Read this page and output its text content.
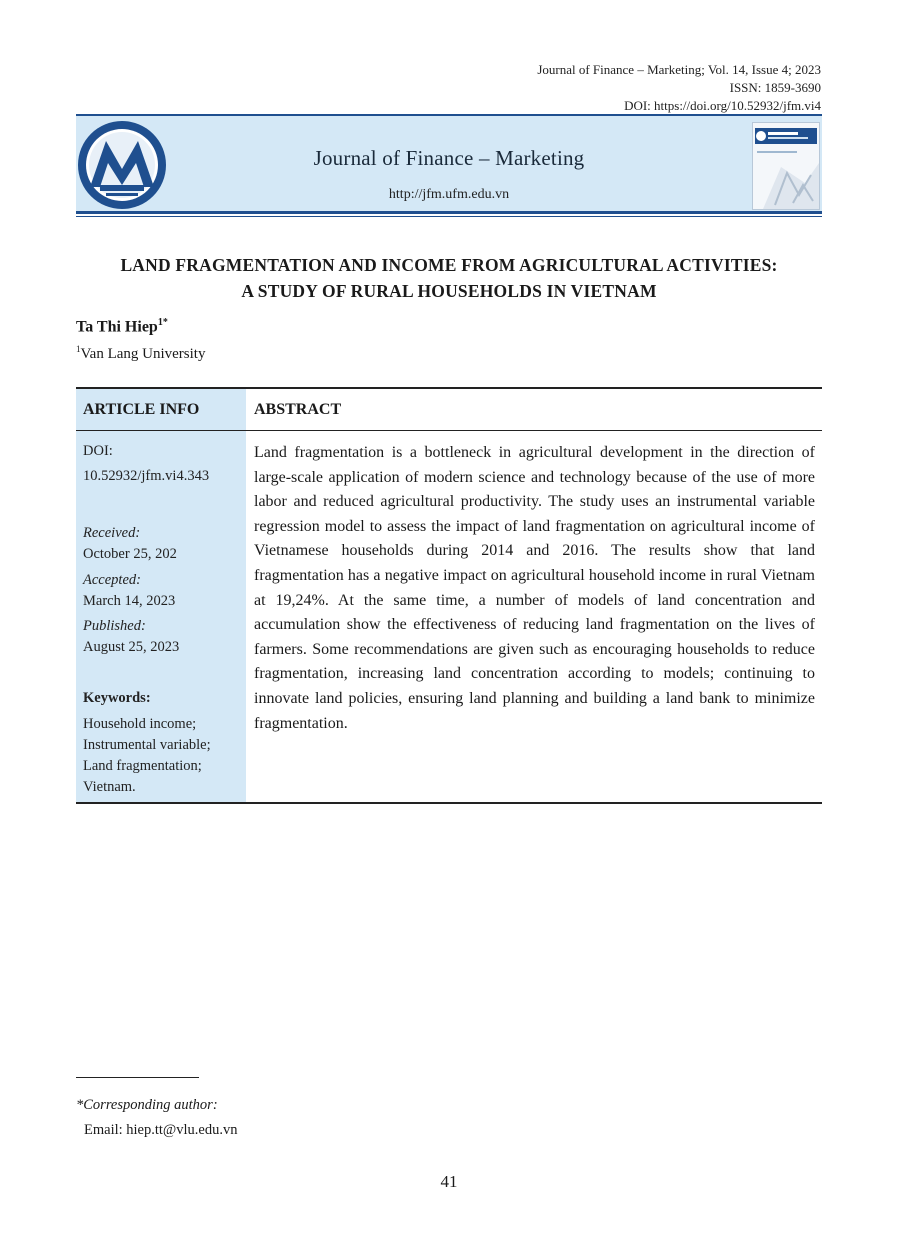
Journal of Finance – Marketing; Vol. 14, Issue 4; 2023
ISSN: 1859-3690
DOI: https://doi.org/10.52932/jfm.vi4
Journal of Finance – Marketing
http://jfm.ufm.edu.vn
LAND FRAGMENTATION AND INCOME FROM AGRICULTURAL ACTIVITIES:
A STUDY OF RURAL HOUSEHOLDS IN VIETNAM
Ta Thi Hiep$^{1*}$
$^1$Van Lang University
ARTICLE INFO	ABSTRACT
DOI:
10.52932/jfm.vi4.343
Received:
October 25, 202
Accepted:
March 14, 2023
Published:
August 25, 2023
Keywords:
Household income;
Instrumental variable;
Land fragmentation;
Vietnam.
Land fragmentation is a bottleneck in agricultural development in the direction of large-scale application of modern science and technology because of the use of more labor and reduced agricultural productivity. The study uses an instrumental variable regression model to assess the impact of land fragmentation on agricultural income of Vietnamese households during 2014 and 2016. The results show that land fragmentation has a negative impact on agricultural household income in rural Vietnam at 19,24%. At the same time, a number of models of land concentration and accumulation show the effectiveness of reducing land fragmentation on the lives of farmers. Some recommendations are given such as encouraging households to reduce fragmentation, increasing land concentration according to models; continuing to innovate land policies, ensuring land planning and building a land bank to minimize fragmentation.
*Corresponding author:
Email: hiep.tt@vlu.edu.vn
41
